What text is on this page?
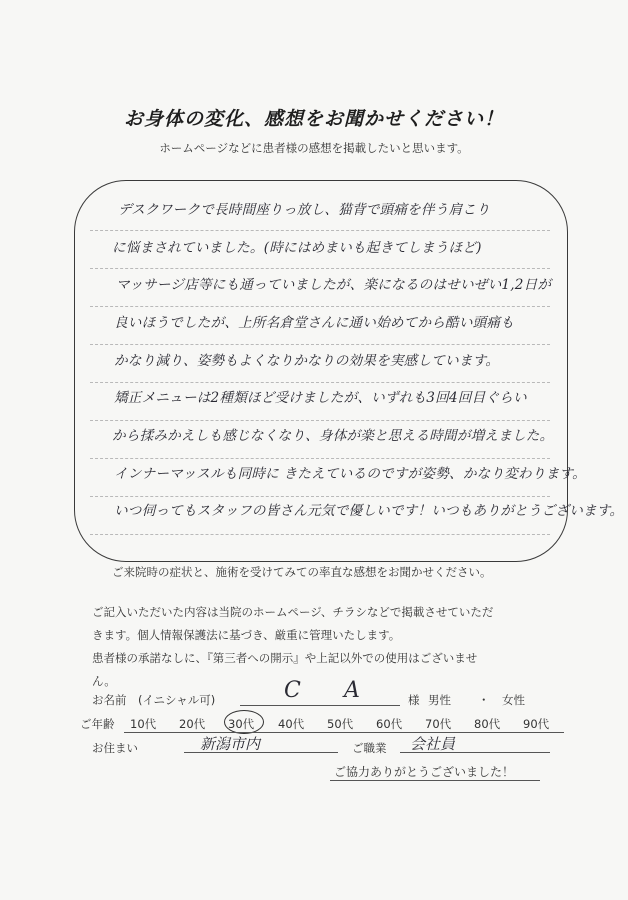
お身体の変化、感想をお聞かせください！
ホームページなどに患者様の感想を掲載したいと思います。
デスクワークで長時間座りっ放し、猫背で頭痛を伴う肩こり
に悩まされていました。(時にはめまいも起きてしまうほど)
マッサージ店等にも通っていましたが、楽になるのはせいぜい1,2日が
良いほうでしたが、上所名倉堂さんに通い始めてから酷い頭痛も
かなり減り、姿勢もよくなりかなりの効果を実感しています。
矯正メニューは2種類ほど受けましたが、いずれも3回4回目ぐらい
から揉みかえしも感じなくなり、身体が楽と思える時間が増えました。
インナーマッスルも同時に きたえているのですが姿勢、かなり変わります。
いつ伺ってもスタッフの皆さん元気で優しいです！いつもありがとうございます。
ご来院時の症状と、施術を受けてみての率直な感想をお聞かせください。
ご記入いただいた内容は当院のホームページ、チラシなどで掲載させていただ
きます。個人情報保護法に基づき、厳重に管理いたします。
患者様の承諾なしに、『第三者への開示』や上記以外での使用はございませ
ん。
お名前　(イニシャル可)	C A	様 男性 ・ 女性
ご年齢 10代 20代 30代 40代 50代 60代 70代 80代 90代
お住まい	新潟市内	ご職業 会社員
ご協力ありがとうございました！
